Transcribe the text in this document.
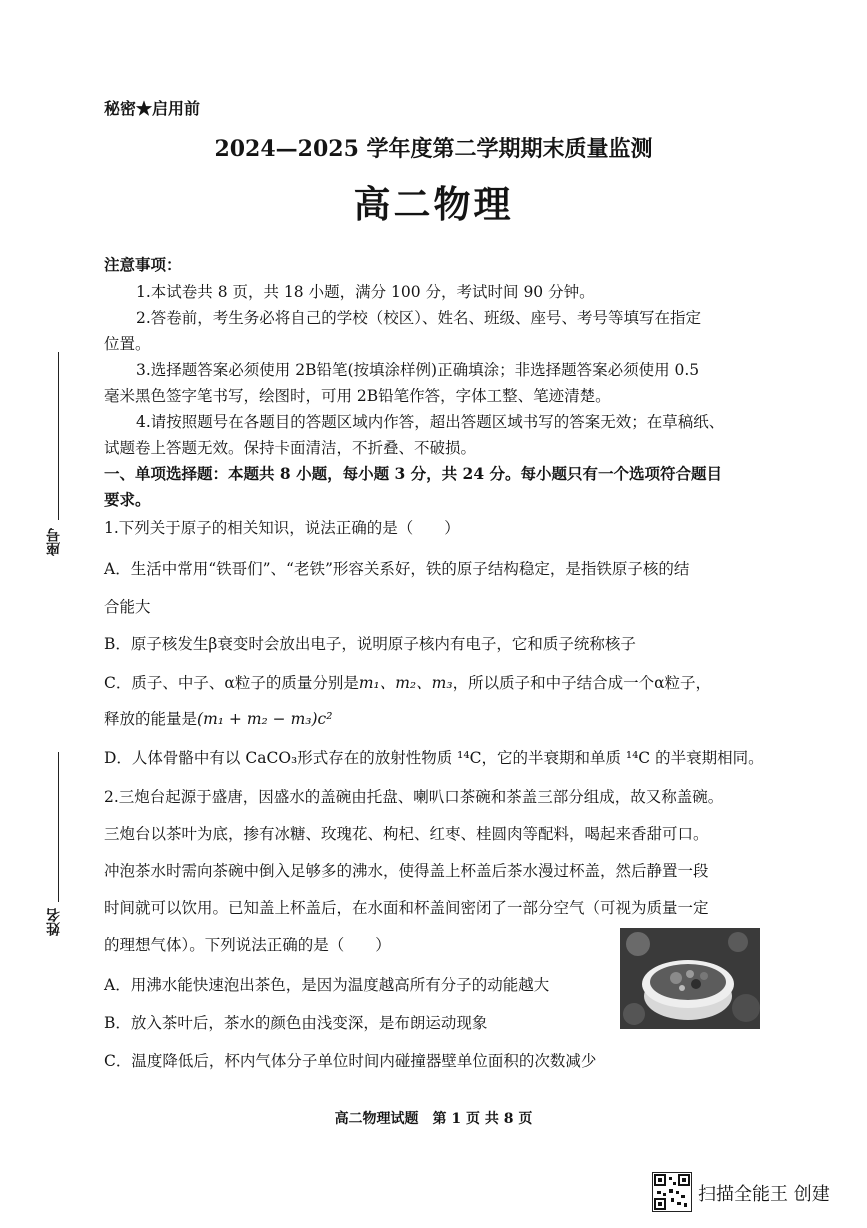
座号
姓名
秘密★启用前
2024—2025 学年度第二学期期末质量监测
高二物理
注意事项：
1.本试卷共 8 页，共 18 小题，满分 100 分，考试时间 90 分钟。
2.答卷前，考生务必将自己的学校（校区）、姓名、班级、座号、考号等填写在指定
位置。
3.选择题答案必须使用 2B铅笔(按填涂样例)正确填涂；非选择题答案必须使用 0.5
毫米黑色签字笔书写，绘图时，可用 2B铅笔作答，字体工整、笔迹清楚。
4.请按照题号在各题目的答题区域内作答，超出答题区域书写的答案无效；在草稿纸、
试题卷上答题无效。保持卡面清洁，不折叠、不破损。
一、单项选择题：本题共 8 小题，每小题 3 分，共 24 分。每小题只有一个选项符合题目
要求。
1.下列关于原子的相关知识，说法正确的是（　　）
A．生活中常用“铁哥们”、“老铁”形容关系好，铁的原子结构稳定，是指铁原子核的结
合能大
B．原子核发生β衰变时会放出电子，说明原子核内有电子，它和质子统称核子
C．质子、中子、α粒子的质量分别是m₁、m₂、m₃，所以质子和中子结合成一个α粒子，
释放的能量是(m₁ + m₂ − m₃)c²
D．人体骨骼中有以 CaCO₃形式存在的放射性物质 ¹⁴C，它的半衰期和单质 ¹⁴C 的半衰期相同。
2.三炮台起源于盛唐，因盛水的盖碗由托盘、喇叭口茶碗和茶盖三部分组成，故又称盖碗。
三炮台以茶叶为底，掺有冰糖、玫瑰花、枸杞、红枣、桂圆肉等配料，喝起来香甜可口。
冲泡茶水时需向茶碗中倒入足够多的沸水，使得盖上杯盖后茶水漫过杯盖，然后静置一段
时间就可以饮用。已知盖上杯盖后，在水面和杯盖间密闭了一部分空气（可视为质量一定
的理想气体）。下列说法正确的是（　　）
A．用沸水能快速泡出茶色，是因为温度越高所有分子的动能越大
B．放入茶叶后，茶水的颜色由浅变深，是布朗运动现象
C．温度降低后，杯内气体分子单位时间内碰撞器壁单位面积的次数减少
高二物理试题　第 1 页 共 8 页
扫描全能王 创建
